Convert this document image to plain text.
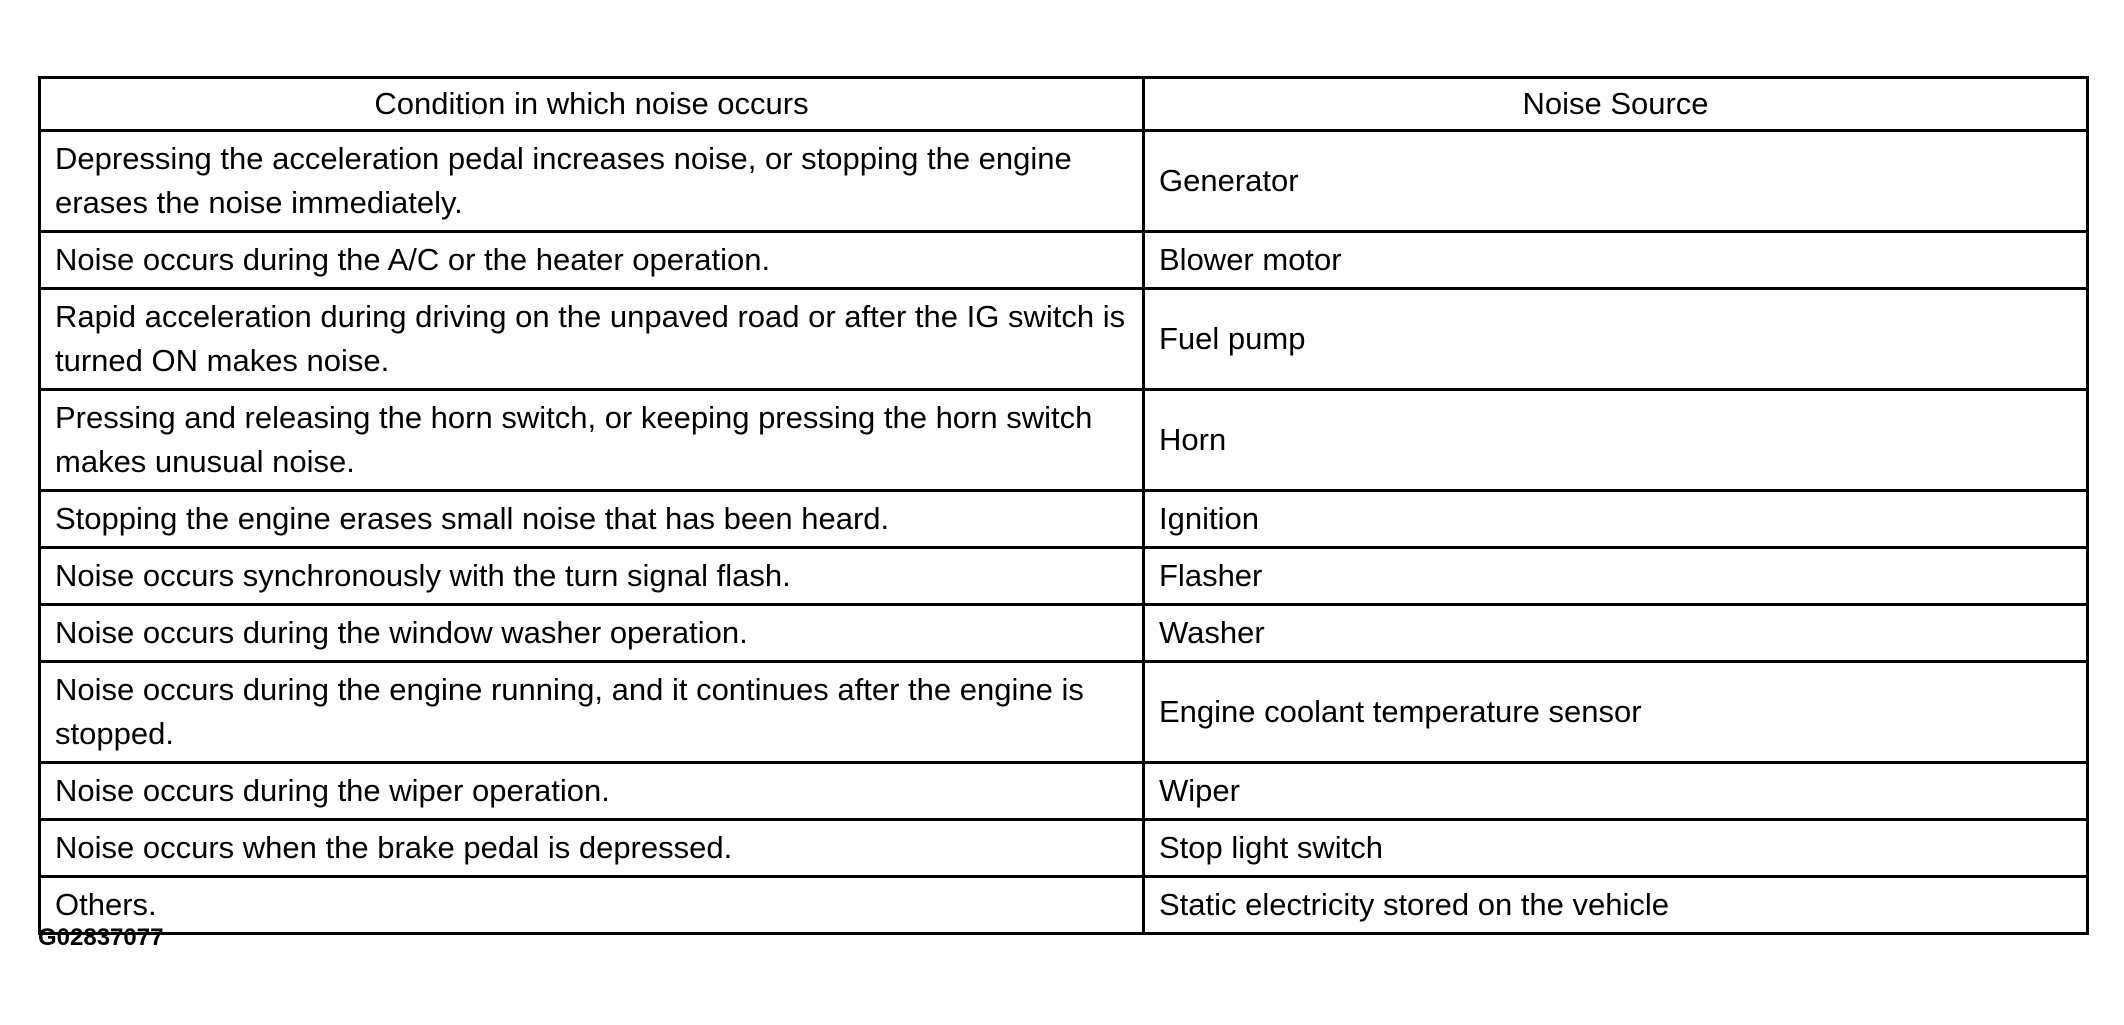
Condition in which noise occurs	Noise Source
Depressing the acceleration pedal increases noise, or stopping the engine erases the noise immediately.	Generator
Noise occurs during the A/C or the heater operation.	Blower motor
Rapid acceleration during driving on the unpaved road or after the IG switch is turned ON makes noise.	Fuel pump
Pressing and releasing the horn switch, or keeping pressing the horn switch makes unusual noise.	Horn
Stopping the engine erases small noise that has been heard.	Ignition
Noise occurs synchronously with the turn signal flash.	Flasher
Noise occurs during the window washer operation.	Washer
Noise occurs during the engine running, and it continues after the engine is stopped.	Engine coolant temperature sensor
Noise occurs during the wiper operation.	Wiper
Noise occurs when the brake pedal is depressed.	Stop light switch
Others.	Static electricity stored on the vehicle
G02837077
